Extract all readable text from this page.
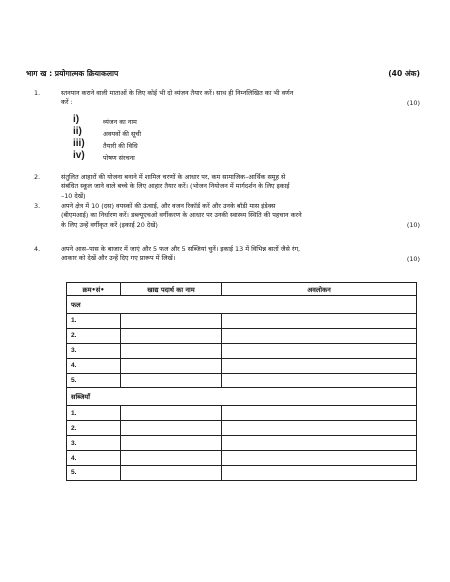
भाग ख : प्रयोगात्मक क्रियाकलाप	(40 अंक)
1.	स्तनपान कराने वाली माताओं के लिए कोई भी दो व्यंजन तैयार करें। साथ ही निम्नलिखित का भी वर्णन
करें :	(10)
i)	व्यंजन का नाम
ii)	अवयवों की सूची
iii)	तैयारी की विधि
iv)	पोषण संरचना
2.	संतुलित आहारों की योजना बनाने में शामिल चरणों के आधार पर, कम सामाजिक–आर्थिक समूह से
संबंधित स्कूल जाने वाले बच्चे के लिए आहार तैयार करें। (भोजन नियोजन में मार्गदर्शन के लिए इकाई
–10 देखें)
3.	अपने क्षेत्र में 10 (दस) वयस्कों की ऊंचाई, और वजन रिकॉर्ड करें और उनके बॉडी मास इंडेक्स
(बीएमआई) का निर्धारण करें। डब्ल्यूएचओ वर्गीकरण के आधार पर उनकी स्वास्थ्य स्थिति की पहचान करने
के लिए उन्हें वर्गीकृत करें (इकाई 20 देखें)	(10)
4.	अपने आस–पास के बाजार में जाएं और 5 फल और 5 सब्जियां चुनें। इकाई 13 में विभिन्न बातों जैसे रंग,
आकार को देखें और उन्हें दिए गए प्रारूप में लिखें।	(10)
क्रम•सं•	खाद्य पदार्थ का नाम	अवलोकन
फल		
1.		
2.		
3.		
4.		
5.		
सब्जियाँ		
1.		
2.		
3.		
4.		
5.		
